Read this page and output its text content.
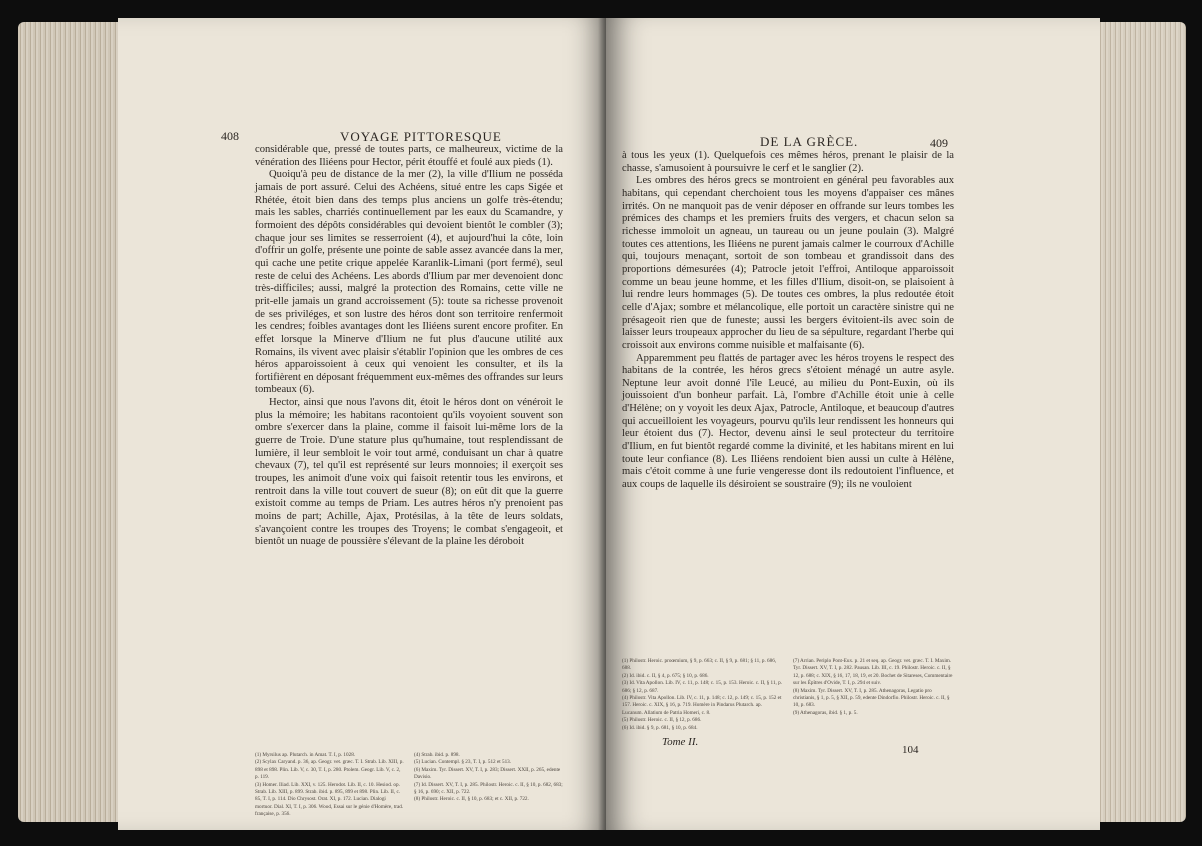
408	VOYAGE PITTORESQUE

considérable que, pressé de toutes parts, ce malheureux, victime de la vénération des Iliéens pour Hector, périt étouffé et foulé aux pieds (1).

Quoiqu'à peu de distance de la mer (2), la ville d'Ilium ne posséda jamais de port assuré. Celui des Achéens, situé entre les caps Sigée et Rhétée, étoit bien dans des temps plus anciens un golfe très-étendu; mais les sables, charriés continuellement par les eaux du Scamandre, y formoient des dépôts considérables qui devoient bientôt le combler (3); chaque jour ses limites se resserroient (4), et aujourd'hui la côte, loin d'offrir un golfe, présente une pointe de sable assez avancée dans la mer, qui cache une petite crique appelée Karanlik-Limani (port fermé), seul reste de celui des Achéens. Les abords d'Ilium par mer devenoient donc très-difficiles; aussi, malgré la protection des Romains, cette ville ne prit-elle jamais un grand accroissement (5): toute sa richesse provenoit de ses priviléges, et son lustre des héros dont son territoire renfermoit les cendres; foibles avantages dont les Iliéens surent encore profiter. En effet lorsque la Minerve d'Ilium ne fut plus d'aucune utilité aux Romains, ils vivent avec plaisir s'établir l'opinion que les ombres de ces héros apparoissoient à ceux qui venoient les consulter, et ils la fortifièrent en déposant fréquemment eux-mêmes des offrandes sur leurs tombeaux (6).

Hector, ainsi que nous l'avons dit, étoit le héros dont on vénéroit le plus la mémoire; les habitans racontoient qu'ils voyoient souvent son ombre s'exercer dans la plaine, comme il faisoit lui-même lors de la guerre de Troie. D'une stature plus qu'humaine, tout resplendissant de lumière, il leur sembloit le voir tout armé, conduisant un char à quatre chevaux (7), tel qu'il est représenté sur leurs monnoies; il exerçoit ses troupes, les animoit d'une voix qui faisoit retentir tous les environs, et rentroit dans la ville tout couvert de sueur (8); on eût dit que la guerre existoit comme au temps de Priam. Les autres héros n'y prenoient pas moins de part; Achille, Ajax, Protésilas, à la tête de leurs soldats, s'avançoient contre les troupes des Troyens; le combat s'engageoit, et bientôt un nuage de poussière s'élevant de la plaine les déroboit

(1) Myrsilus ap. Plutarch. in Amat. T. I, p. 1028.
(2) Scylax Caryand. p. 36, ap. Geogr. vet. græc. T. I. Strab. Lib. XIII, p. 898 et 898. Plin. Lib. V, c. 30, T. I, p. 280. Ptolem. Geogr. Lib. V, c. 2, p. 119.
(3) Homer. Iliad. Lib. XXI, v. 125. Herodot. Lib. II, c. 10. Hesiod. op. Strab. Lib. XIII, p. 899. Strab. ibid. p. 895, 899 et 898. Plin. Lib. II, c. 85, T. I, p. 114. Dio Chrysost. Orat. XI, p. 172. Lucian. Dialogi mortuor. Dial. XI, T. I, p. 306. Wood, Essai sur le génie d'Homère, trad. française, p. 356.
(4) Strab. ibid. p. 898.
(5) Lucian. Contempl. § 23, T. I, p. 512 et 513.
(6) Maxim. Tyr. Dissert. XV, T. I, p. 283; Dissert. XXII, p. 265, edente Davisio.
(7) Id. Dissert. XV, T. I, p. 285. Philostr. Heroic. c. II, § 10, p. 682, 683; § 16, p. 690; c. XII, p. 722.
(8) Philostr. Heroic. c. II, § 10, p. 683; et c. XII, p. 722.
DE LA GRÈCE.	409

à tous les yeux (1). Quelquefois ces mêmes héros, prenant le plaisir de la chasse, s'amusoient à poursuivre le cerf et le sanglier (2).

Les ombres des héros grecs se montroient en général peu favorables aux habitans, qui cependant cherchoient tous les moyens d'appaiser ces mânes irrités. On ne manquoit pas de venir déposer en offrande sur leurs tombes les prémices des champs et les premiers fruits des vergers, et chacun selon sa richesse immoloit un agneau, un taureau ou un jeune poulain (3). Malgré toutes ces attentions, les Iliéens ne purent jamais calmer le courroux d'Achille qui, toujours menaçant, sortoit de son tombeau et grandissoit dans des proportions démesurées (4); Patrocle jetoit l'effroi, Antiloque apparoissoit comme un beau jeune homme, et les filles d'Ilium, disoit-on, se plaisoient à lui rendre leurs hommages (5). De toutes ces ombres, la plus redoutée étoit celle d'Ajax; sombre et mélancolique, elle portoit un caractère sinistre qui ne présageoit rien que de funeste; aussi les bergers évitoient-ils avec soin de laisser leurs troupeaux approcher du lieu de sa sépulture, regardant l'herbe qui croissoit aux environs comme nuisible et malfaisante (6).

Apparemment peu flattés de partager avec les héros troyens le respect des habitans de la contrée, les héros grecs s'étoient ménagé un autre asyle. Neptune leur avoit donné l'île Leucé, au milieu du Pont-Euxin, où ils jouissoient d'un bonheur parfait. Là, l'ombre d'Achille étoit unie à celle d'Hélène; on y voyoit les deux Ajax, Patrocle, Antiloque, et beaucoup d'autres qui accueilloient les voyageurs, pourvu qu'ils leur rendissent les honneurs qui leur étoient dus (7). Hector, devenu ainsi le seul protecteur du territoire d'Ilium, en fut bientôt regardé comme la divinité, et les habitans mirent en lui toute leur confiance (8). Les Iliéens rendoient bien aussi un culte à Hélène, mais c'étoit comme à une furie vengeresse dont ils redoutoient l'influence, et aux coups de laquelle ils désiroient se soustraire (9); ils ne vouloient

(1) Philostr. Heroic. proœmium, § 9, p. 663; c. II, § 9, p. 681; § 11, p. 686, 688.
(2) Id. ibid. c. II, § 4, p. 675; § 10, p. 686.
(3) Id. Vita Apollon. Lib. IV, c. 11, p. 148; c. 15, p. 153. Heroic. c. II, § 11, p. 686; § 12, p. 687.
(4) Philostr. Vita Apollon. Lib. IV, c. 11, p. 148; c. 12, p. 149; c. 15, p. 152 et 157. Heroic. c. XIX, § 16, p. 719. Homère in Pindarus Plutarch. ap. Lucanum. Allatium de Patria Homeri, c. 8.
(5) Philostr. Heroic. c. II, § 12, p. 686.
(6) Id. ibid. § 9, p. 681, § 10, p. 684.
(7) Arrian. Periplo Pont-Eux. p. 21 et seq. ap. Geogr. vet. græc. T. I. Maxim. Tyr. Dissert. XV, T. I, p. 282. Pausan. Lib. III, c. 19. Philostr. Heroic. c. II, § 12, p. 688; c. XIX, § 16, 17, 18, 19, et 20. Bochet de Sitareses, Commentaire sur les Épîtres d'Ovide, T. I, p. 294 et suiv.
(8) Maxim. Tyr. Dissert. XV, T. I, p. 285. Athenagoras, Legatio pro christianis, § 1, p. 5, § XII, p. 59, edente Dindorfio. Philostr. Heroic. c. II, § 10, p. 683.
(9) Athenagoras, ibid. § 1, p. 5.
Tome II.
104
